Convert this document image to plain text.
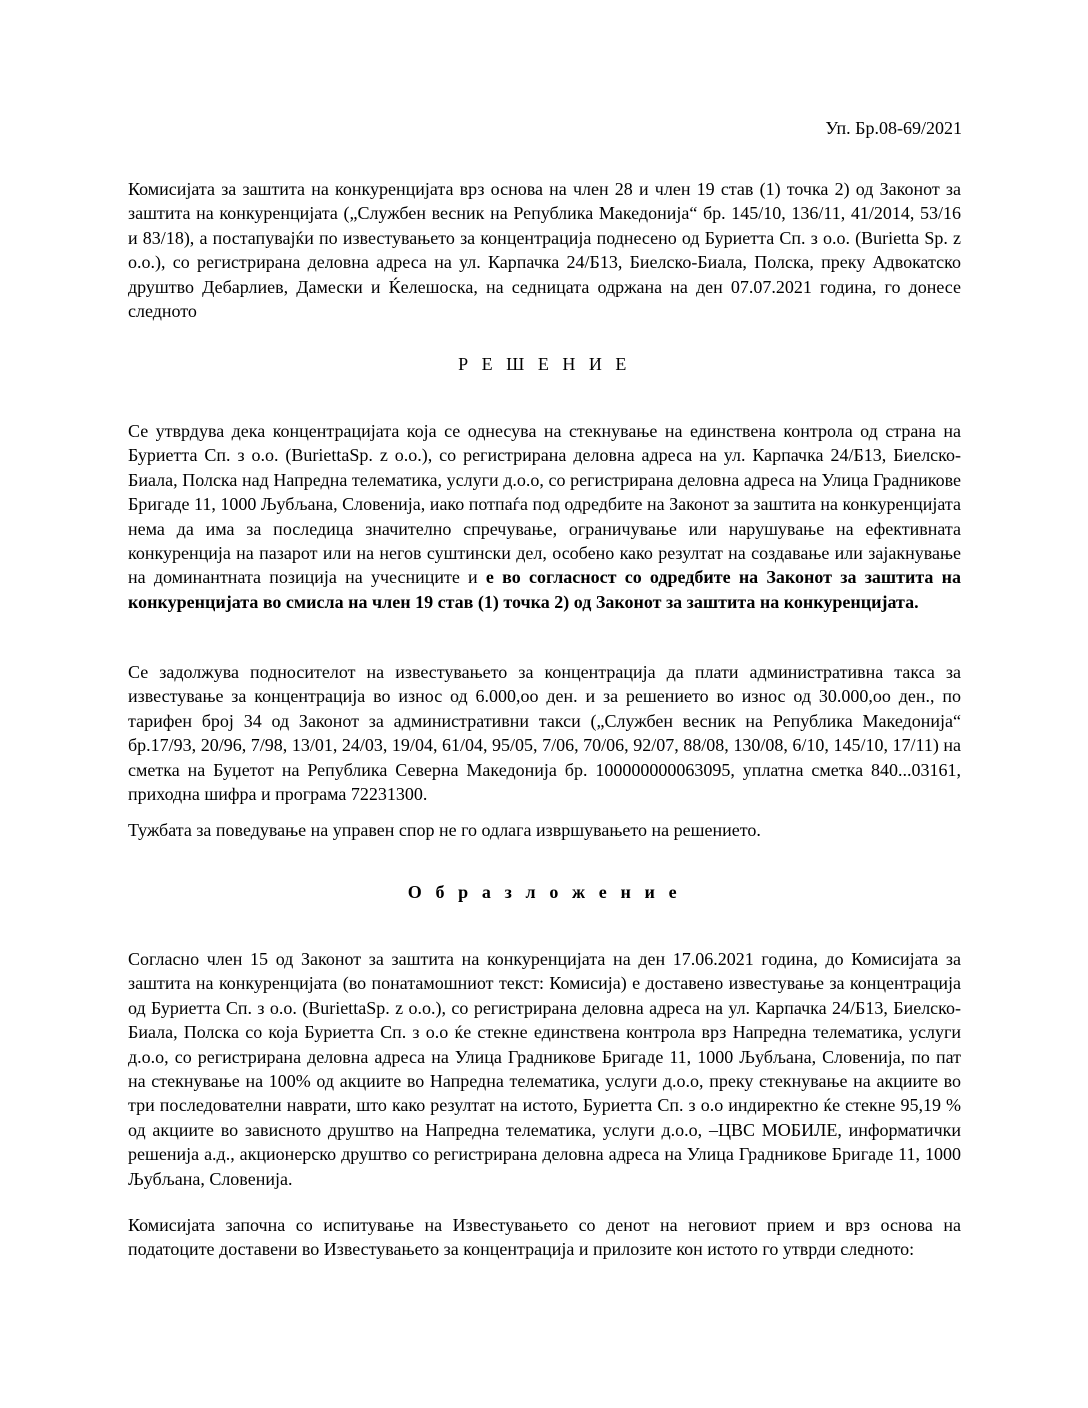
Уп. Бр.08-69/2021

Комисијата за заштита на конкуренцијата врз основа на член 28 и член 19 став (1) точка 2) од Законот за заштита на конкуренцијата („Службен весник на Република Македонија“ бр. 145/10, 136/11, 41/2014, 53/16 и 83/18), а постапувајќи по известувањето за концентрација поднесено од Буриетта Сп. з о.о. (Burietta Sp. z o.o.), со регистрирана деловна адреса на ул. Карпачка 24/Б13, Биелско-Биала, Полска, преку Адвокатско друштво Дебарлиев, Дамески и Ќелешоска, на седницата одржана на ден 07.07.2021 година, го донесе следното

Р Е Ш Е Н И Е

Се утврдува дека концентрацијата која се однесува на стекнување на единствена контрола од страна на Буриетта Сп. з о.о. (BuriettaSp. z o.o.), со регистрирана деловна адреса на ул. Карпачка 24/Б13, Биелско-Биала, Полска над Напредна телематика, услуги д.о.о, со регистрирана деловна адреса на Улица Градникове Бригаде 11, 1000 Љубљана, Словенија, иако потпаѓа под одредбите на Законот за заштита на конкуренцијата нема да има за последица значително спречување, ограничување или нарушување на ефективната конкуренција на пазарот или на негов суштински дел, особено како резултат на создавање или зајакнување на доминантната позиција на учесниците и е во согласност со одредбите на Законот за заштита на конкуренцијата во смисла на член 19 став (1) точка 2) од Законот за заштита на конкуренцијата.

Се задолжува подносителот на известувањето за концентрација да плати административна такса за известување за концентрација во износ од 6.000,оо ден. и за решението во износ од 30.000,оо ден., по тарифен број 34 од Законот за административни такси („Службен весник на Република Македонија“ бр.17/93, 20/96, 7/98, 13/01, 24/03, 19/04, 61/04, 95/05, 7/06, 70/06, 92/07, 88/08, 130/08, 6/10, 145/10, 17/11) на сметка на Буџетот на Република Северна Македонија бр. 100000000063095, уплатна сметка 840...03161, приходна шифра и програма 72231300.

Тужбата за поведување на управен спор не го одлага извршувањето на решението.

О б р а з л о ж е н и е

Согласно член 15 од Законот за заштита на конкуренцијата на ден 17.06.2021 година, до Комисијата за заштита на конкуренцијата (во понатамошниот текст: Комисија) е доставено известување за концентрација од Буриетта Сп. з о.о. (BuriettaSp. z o.o.), со регистрирана деловна адреса на ул. Карпачка 24/Б13, Биелско-Биала, Полска со која Буриетта Сп. з о.о ќе стекне единствена контрола врз Напредна телематика, услуги д.о.о, со регистрирана деловна адреса на Улица Градникове Бригаде 11, 1000 Љубљана, Словенија, по пат на стекнување на 100% од акциите во Напредна телематика, услуги д.о.о, преку стекнување на акциите во три последователни наврати, што како резултат на истото, Буриетта Сп. з о.о индиректно ќе стекне 95,19 % од акциите во зависното друштво на Напредна телематика, услуги д.о.о, –ЦВС МОБИЛЕ, информатички решенија а.д., акционерско друштво со регистрирана деловна адреса на Улица Градникове Бригаде 11, 1000 Љубљана, Словенија.

Комисијата започна со испитување на Известувањето со денот на неговиот прием и врз основа на податоците доставени во Известувањето за концентрација и прилозите кон истото го утврди следното:
